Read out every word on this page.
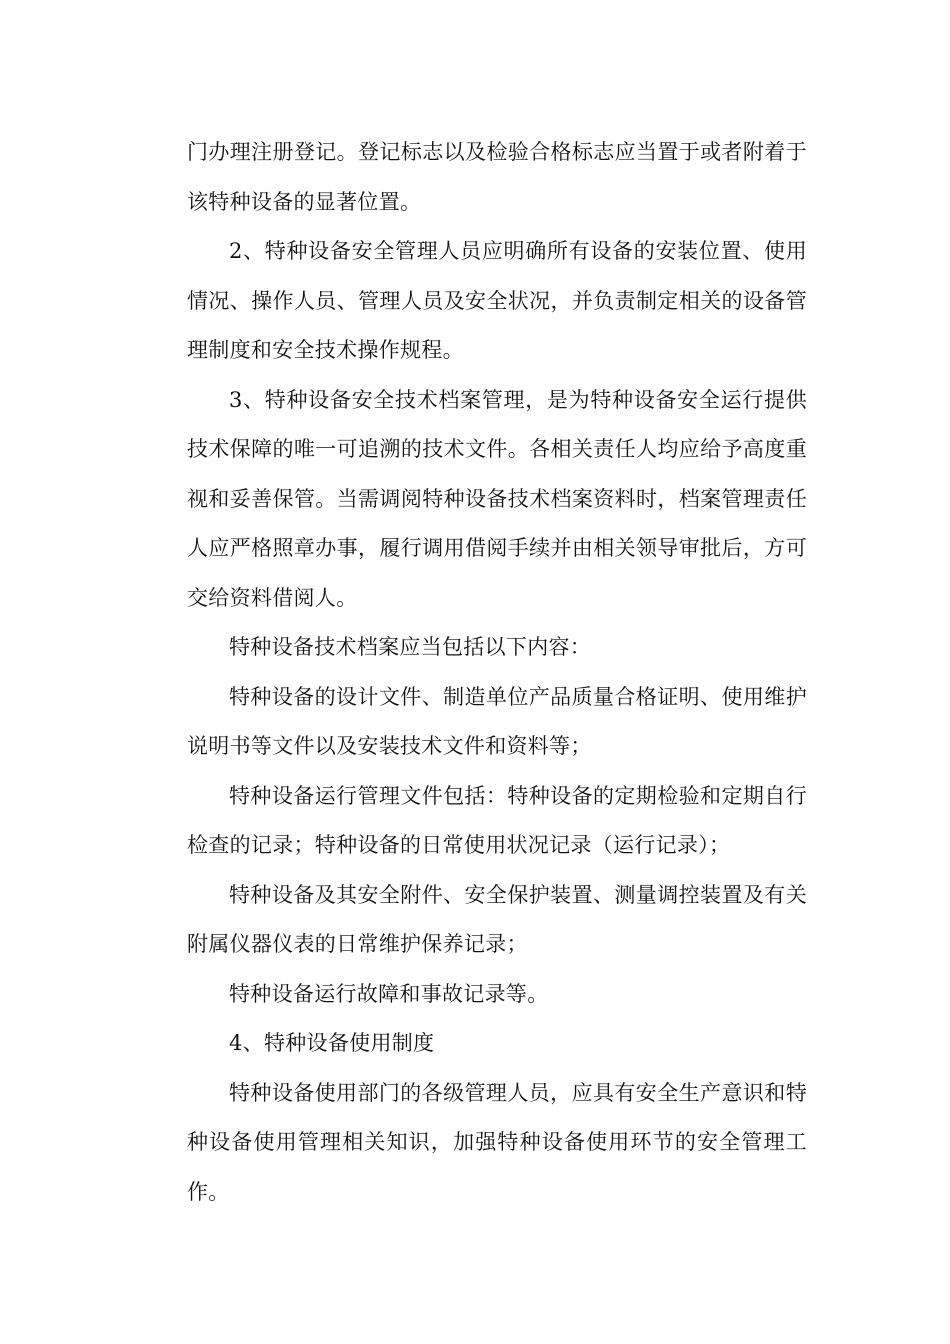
门办理注册登记。登记标志以及检验合格标志应当置于或者附着于该特种设备的显著位置。

2、特种设备安全管理人员应明确所有设备的安装位置、使用情况、操作人员、管理人员及安全状况，并负责制定相关的设备管理制度和安全技术操作规程。

3、特种设备安全技术档案管理，是为特种设备安全运行提供技术保障的唯一可追溯的技术文件。各相关责任人均应给予高度重视和妥善保管。当需调阅特种设备技术档案资料时，档案管理责任人应严格照章办事，履行调用借阅手续并由相关领导审批后，方可交给资料借阅人。

特种设备技术档案应当包括以下内容：

特种设备的设计文件、制造单位产品质量合格证明、使用维护说明书等文件以及安装技术文件和资料等；

特种设备运行管理文件包括：特种设备的定期检验和定期自行检查的记录；特种设备的日常使用状况记录（运行记录）；

特种设备及其安全附件、安全保护装置、测量调控装置及有关附属仪器仪表的日常维护保养记录；

特种设备运行故障和事故记录等。

4、特种设备使用制度

特种设备使用部门的各级管理人员，应具有安全生产意识和特种设备使用管理相关知识，加强特种设备使用环节的安全管理工作。
